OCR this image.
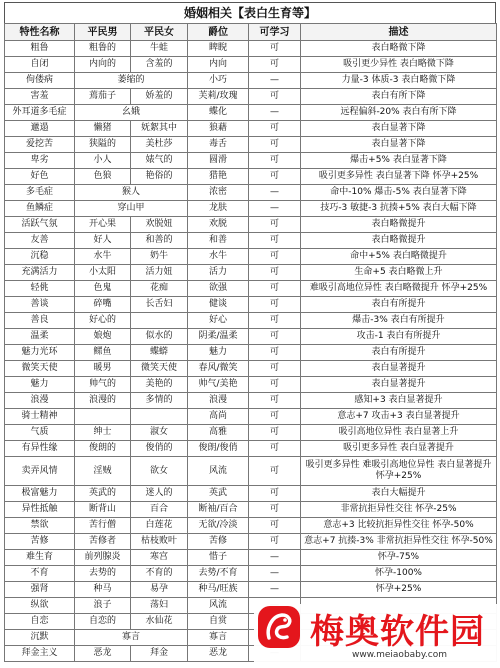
婚姻相关【表白生育等】
特性名称	平民男	平民女	爵位	可学习	描述
粗鲁	粗鲁的	牛蛙	睥睨	可	表白略微下降
自闭	内向的	含羞的	内向	可	吸引更少异性 表白略微下降
佝偻病	萎缩的		小巧	—	力量-3 体质-3 表白略微下降
害羞	蔫茄子	娇羞的	芙莉/玫瑰	可	表白有所下降
外耳道多毛症	幺娥		蝶化	—	远程偏斜-20% 表白有所下降
邋遢	懒猪	妩絮其中	狼藉	可	表白显著下降
爱挖苦	狭隘的	美杜莎	毒舌	可	表白显著下降
卑劣	小人	婊气的	圆滑	可	爆击+5% 表白显著下降
好色	色狼	艳俗的	猎艳	可	吸引更多异性 表白显著下降 怀孕+25%
多毛症	猴人		浓密	—	命中-10% 爆击-5% 表白显著下降
鱼鳞症	穿山甲		龙肤	—	技巧-3 敏捷-3 抗揍+5% 表白大幅下降
活跃气氛	开心果	欢脱妞	欢脱	可	表白略微提升
友善	好人	和善的	和善	可	表白略微提升
沉稳	水牛	奶牛	水牛	可	命中+5% 表白略微提升
充满活力	小太阳	活力妞	活力	可	生命+5 表白略微上升
轻佻	色鬼	花痴	欲强	可	难吸引高地位异性 表白略微提升 怀孕+25%
善谈	碎嘴	长舌妇	健谈	可	表白有所提升
善良	好心的		好心	可	爆击-3% 表白有所提升
温柔	娘炮	似水的	阴柔/温柔	可	攻击-1 表白有所提升
魅力光环	鳏鱼	蝶蟒	魅力	可	表白有所提升
微笑天使	暖男	微笑天使	春风/微笑	可	表白显著提升
魅力	帅气的	美艳的	帅气/美艳	可	表白显著提升
浪漫	浪漫的	多情的	浪漫	可	感知+3 表白显著提升
骑士精神			高尚	可	意志+7 攻击+3 表白显著提升
气质	绅士	淑女	高雅	可	吸引高地位异性 表白显著上升
有异性缘	俊朗的	俊俏的	俊朗/俊俏	可	吸引更多异性 表白显著提升
卖弄风情	淫贼	欲女	风流	可	吸引更多异性 难吸引高地位异性 表白显著提升 怀孕+25%
极富魅力	英武的	迷人的	英武	可	表白大幅提升
异性抵触	断背山	百合	断袖/百合	可	非常抗拒异性交往 怀孕-25%
禁欲	苦行僧	白莲花	无欲/冷淡	可	意志+3 比较抗拒异性交往 怀孕-50%
苦修	苦修者	枯枝败叶	苦修	可	意志+7 抗揍-3% 非常抗拒异性交往 怀孕-50%
难生育	前列腺炎	寒宫	惜子	—	怀孕-75%
不育	去势的	不育的	去势/不育	—	怀孕-100%
强肾	种马	易孕	种马/旺族	—	怀孕+25%
纵欲	浪子	荡妇	风流		
自恋	自恋的	水仙花	自赏		
沉默	寡言		寡言		
拜金主义	恶龙	拜金	恶龙		
梅奥软件园
www.meiaobaby.com
